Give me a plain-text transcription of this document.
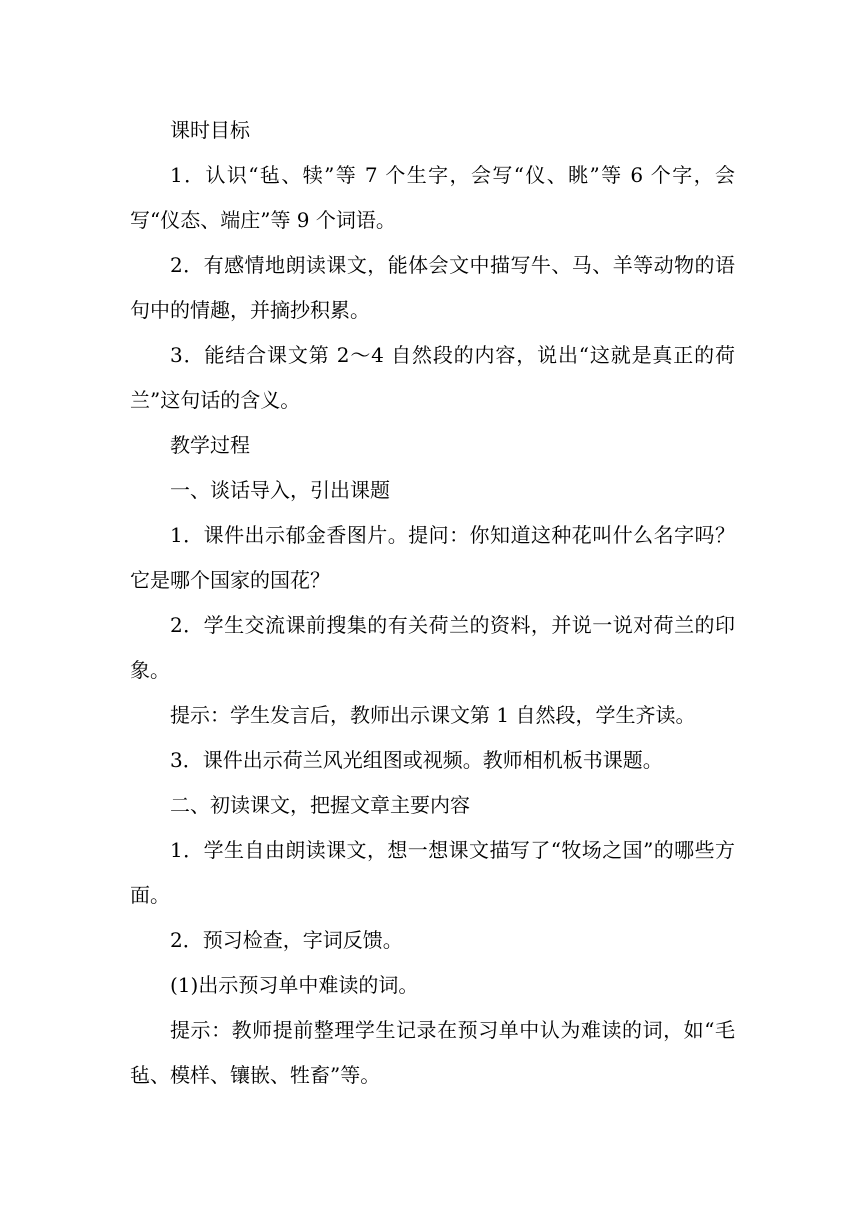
课时目标

1．认识“毡、犊”等 7 个生字，会写“仪、眺”等 6 个字，会写“仪态、端庄”等 9 个词语。

2．有感情地朗读课文，能体会文中描写牛、马、羊等动物的语句中的情趣，并摘抄积累。

3．能结合课文第 2～4 自然段的内容，说出“这就是真正的荷兰”这句话的含义。

教学过程

一、谈话导入，引出课题

1．课件出示郁金香图片。提问：你知道这种花叫什么名字吗？它是哪个国家的国花？

2．学生交流课前搜集的有关荷兰的资料，并说一说对荷兰的印象。

提示：学生发言后，教师出示课文第 1 自然段，学生齐读。

3．课件出示荷兰风光组图或视频。教师相机板书课题。

二、初读课文，把握文章主要内容

1．学生自由朗读课文，想一想课文描写了“牧场之国”的哪些方面。

2．预习检查，字词反馈。

(1)出示预习单中难读的词。

提示：教师提前整理学生记录在预习单中认为难读的词，如“毛毡、模样、镶嵌、牲畜”等。
